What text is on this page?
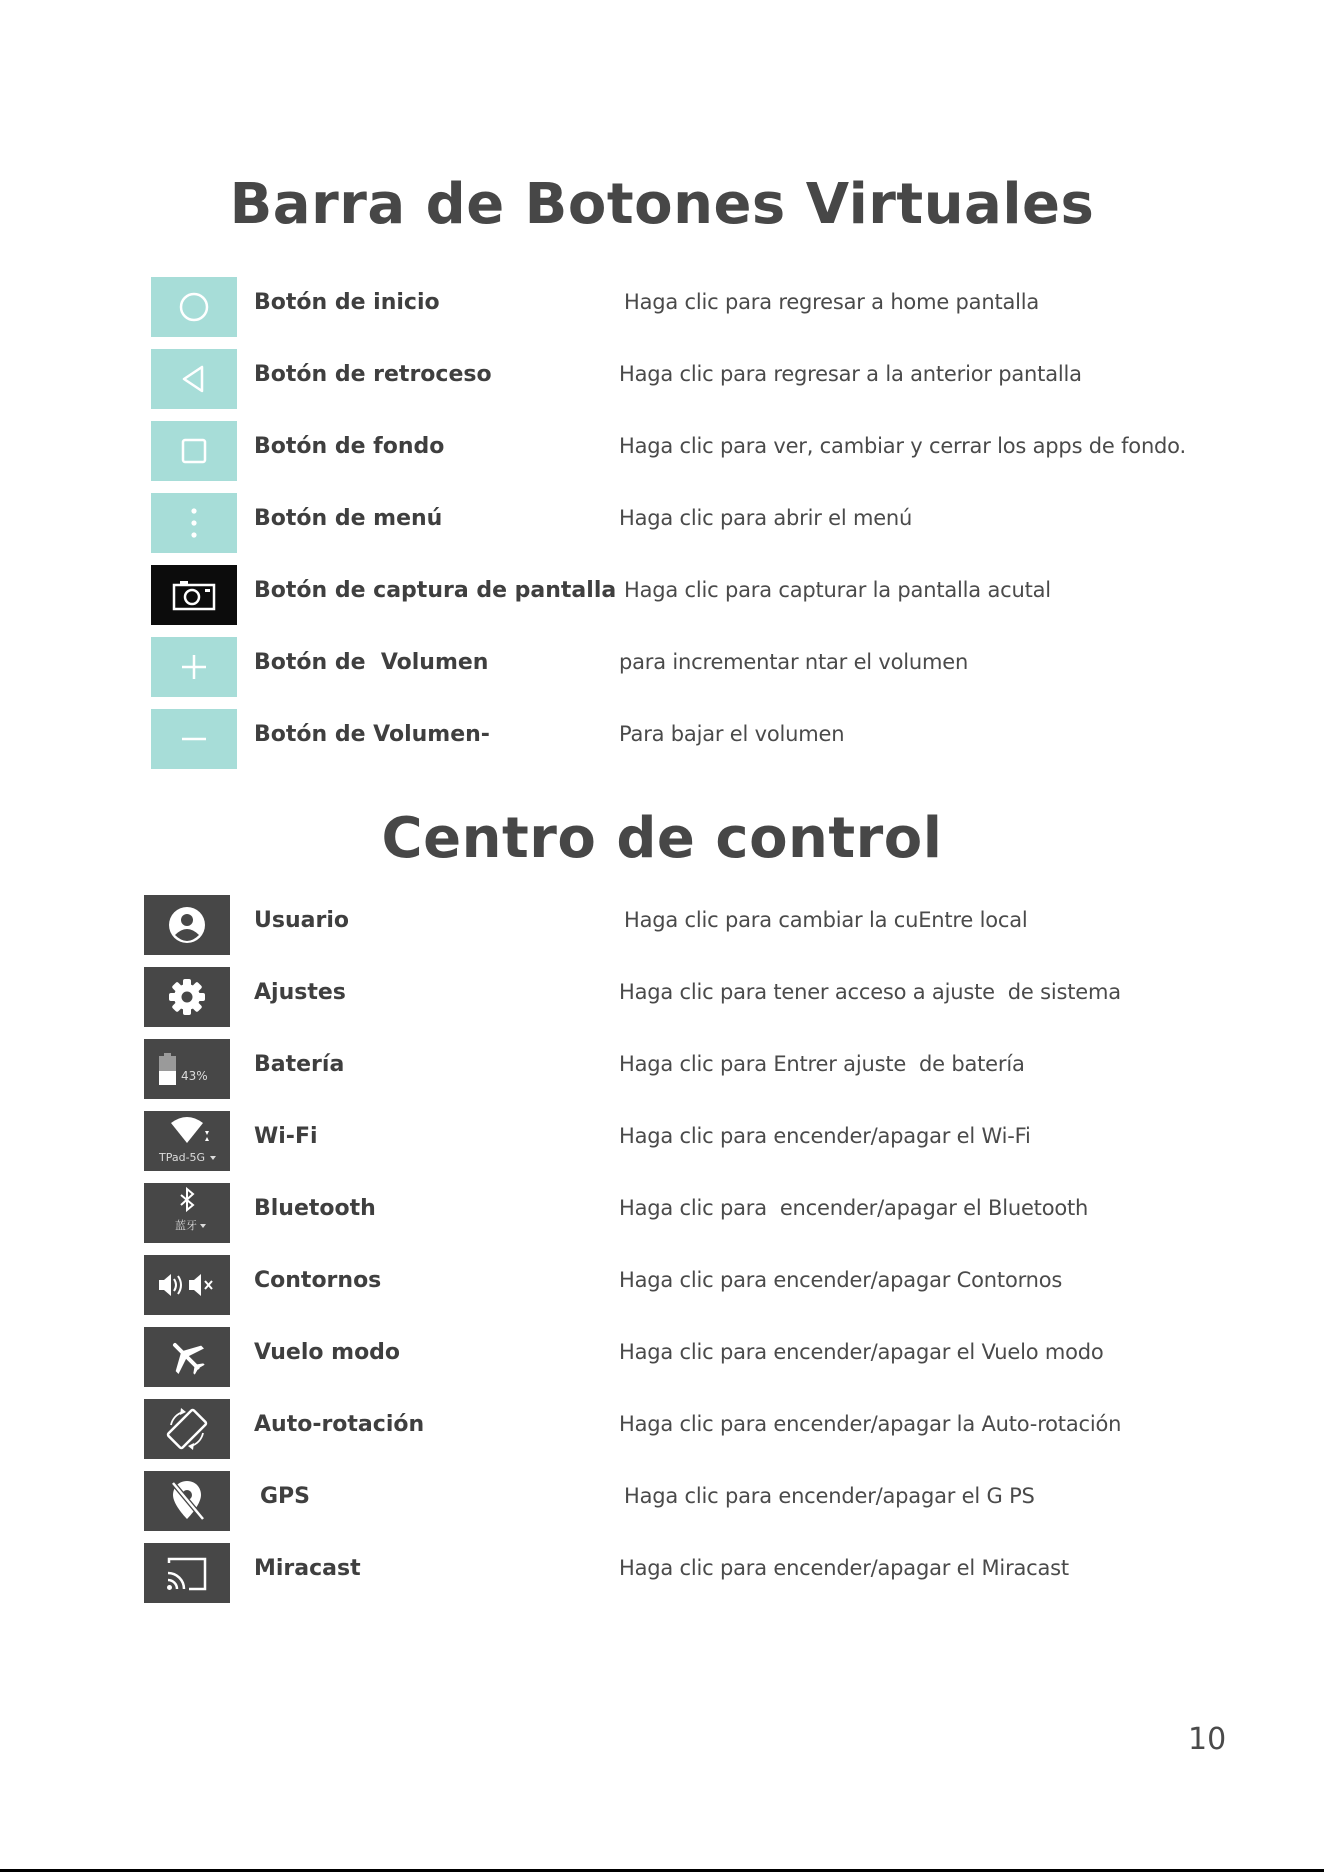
Barra de Botones Virtuales
Botón de inicio	Haga clic para regresar a home pantalla
Botón de retroceso	Haga clic para regresar a la anterior pantalla
Botón de fondo	Haga clic para ver, cambiar y cerrar los apps de fondo.
Botón de menú	Haga clic para abrir el menú
Botón de captura de pantalla Haga clic para capturar la pantalla acutal
Botón de  Volumen	para incrementar ntar el volumen
Botón de Volumen-	Para bajar el volumen
Centro de control
Usuario	Haga clic para cambiar la cuEntre local
Ajustes	Haga clic para tener acceso a ajuste  de sistema
43% Batería	Haga clic para Entrer ajuste  de batería
TPad-5G
Wi-Fi	Haga clic para encender/apagar el Wi-Fi
蓝牙
Bluetooth	Haga clic para  encender/apagar el Bluetooth
Contornos	Haga clic para encender/apagar Contornos
Vuelo modo	Haga clic para encender/apagar el Vuelo modo
Auto-rotación	Haga clic para encender/apagar la Auto-rotación
GPS	Haga clic para encender/apagar el G PS
Miracast	Haga clic para encender/apagar el Miracast
10
